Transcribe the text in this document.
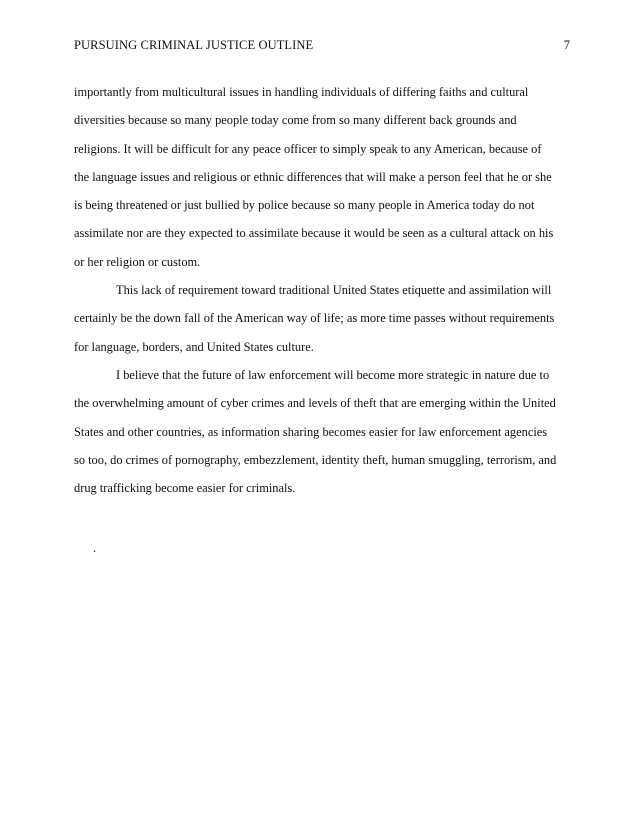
PURSUING CRIMINAL JUSTICE OUTLINE	7
importantly from multicultural issues in handling individuals of differing faiths and cultural
diversities because so many people today come from so many different back grounds and
religions. It will be difficult for any peace officer to simply speak to any American, because of
the language issues and religious or ethnic differences that will make a person feel that he or she
is being threatened or just bullied by police because so many people in America today do not
assimilate nor are they expected to assimilate because it would be seen as a cultural attack on his
or her religion or custom.
This lack of requirement toward traditional United States etiquette and assimilation will
certainly be the down fall of the American way of life; as more time passes without requirements
for language, borders, and United States culture.
I believe that the future of law enforcement will become more strategic in nature due to
the overwhelming amount of cyber crimes and levels of theft that are emerging within the United
States and other countries, as information sharing becomes easier for law enforcement agencies
so too, do crimes of pornography, embezzlement, identity theft, human smuggling, terrorism, and
drug trafficking become easier for criminals.
.
